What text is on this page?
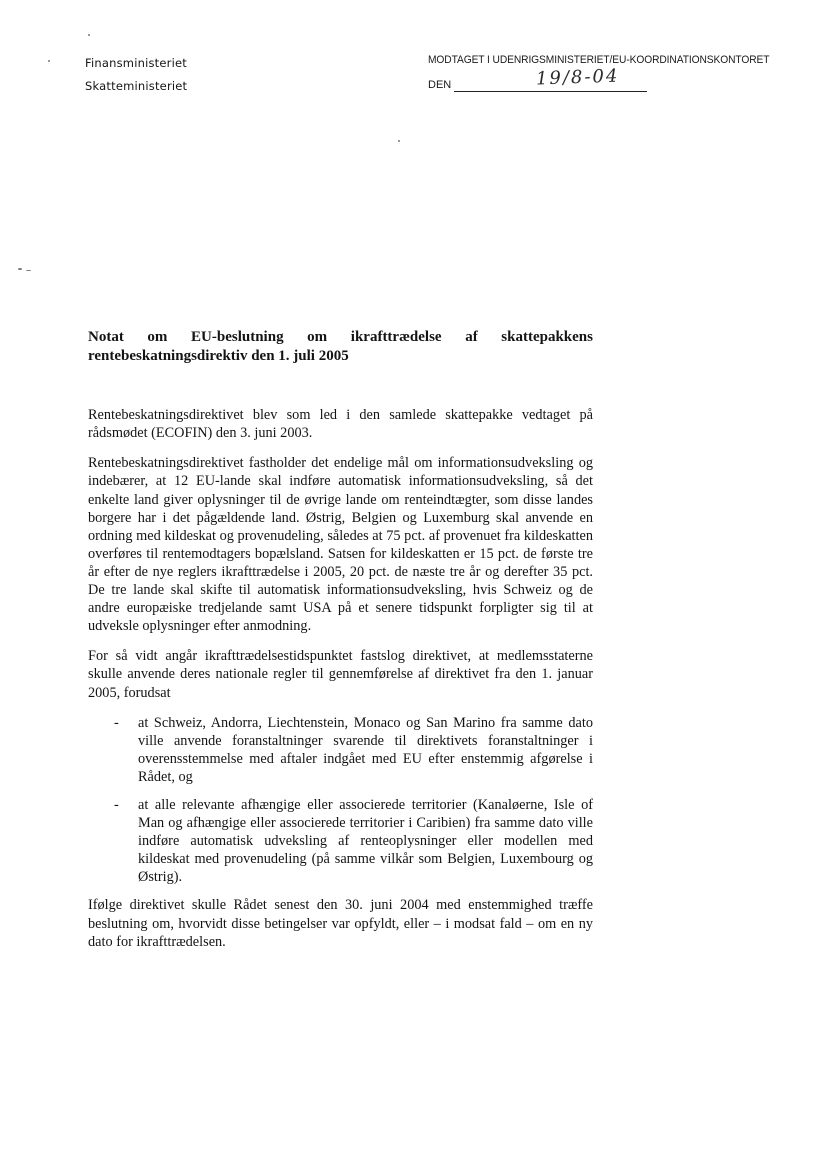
Finansministeriet
Skatteministeriet
MODTAGET I UDENRIGSMINISTERIET/EU-KOORDINATIONSKONTORET
DEN	19/8-04
Notat om EU-beslutning om ikrafttrædelse af skattepakkens rentebeskatningsdirektiv den 1. juli 2005

Rentebeskatningsdirektivet blev som led i den samlede skattepakke vedtaget på rådsmødet (ECOFIN) den 3. juni 2003.

Rentebeskatningsdirektivet fastholder det endelige mål om informationsudveksling og indebærer, at 12 EU-lande skal indføre automatisk informationsudveksling, så det enkelte land giver oplysninger til de øvrige lande om renteindtægter, som disse landes borgere har i det pågældende land. Østrig, Belgien og Luxemburg skal anvende en ordning med kildeskat og provenudeling, således at 75 pct. af provenuet fra kildeskatten overføres til rentemodtagers bopælsland. Satsen for kildeskatten er 15 pct. de første tre år efter de nye reglers ikrafttrædelse i 2005, 20 pct. de næste tre år og derefter 35 pct. De tre lande skal skifte til automatisk informationsudveksling, hvis Schweiz og de andre europæiske tredjelande samt USA på et senere tidspunkt forpligter sig til at udveksle oplysninger efter anmodning.

For så vidt angår ikrafttrædelsestidspunktet fastslog direktivet, at medlemsstaterne skulle anvende deres nationale regler til gennemførelse af direktivet fra den 1. januar 2005, forudsat

- at Schweiz, Andorra, Liechtenstein, Monaco og San Marino fra samme dato ville anvende foranstaltninger svarende til direktivets foranstaltninger i overensstemmelse med aftaler indgået med EU efter enstemmig afgørelse i Rådet, og
- at alle relevante afhængige eller associerede territorier (Kanaløerne, Isle of Man og afhængige eller associerede territorier i Caribien) fra samme dato ville indføre automatisk udveksling af renteoplysninger eller modellen med kildeskat med provenudeling (på samme vilkår som Belgien, Luxembourg og Østrig).

Ifølge direktivet skulle Rådet senest den 30. juni 2004 med enstemmighed træffe beslutning om, hvorvidt disse betingelser var opfyldt, eller – i modsat fald – om en ny dato for ikrafttrædelsen.
